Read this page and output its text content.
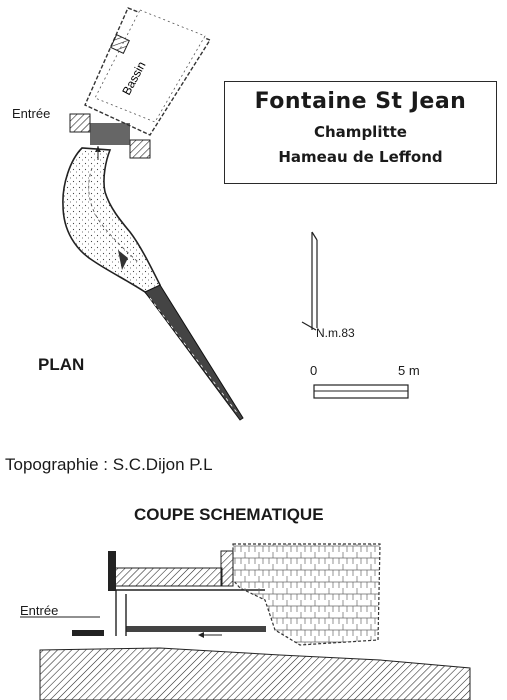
Bassin
Entrée
PLAN
N.m.83
0	5 m
Fontaine St Jean
Champlitte
Hameau de Leffond
Topographie : S.C.Dijon P.L
COUPE SCHEMATIQUE
Entrée
